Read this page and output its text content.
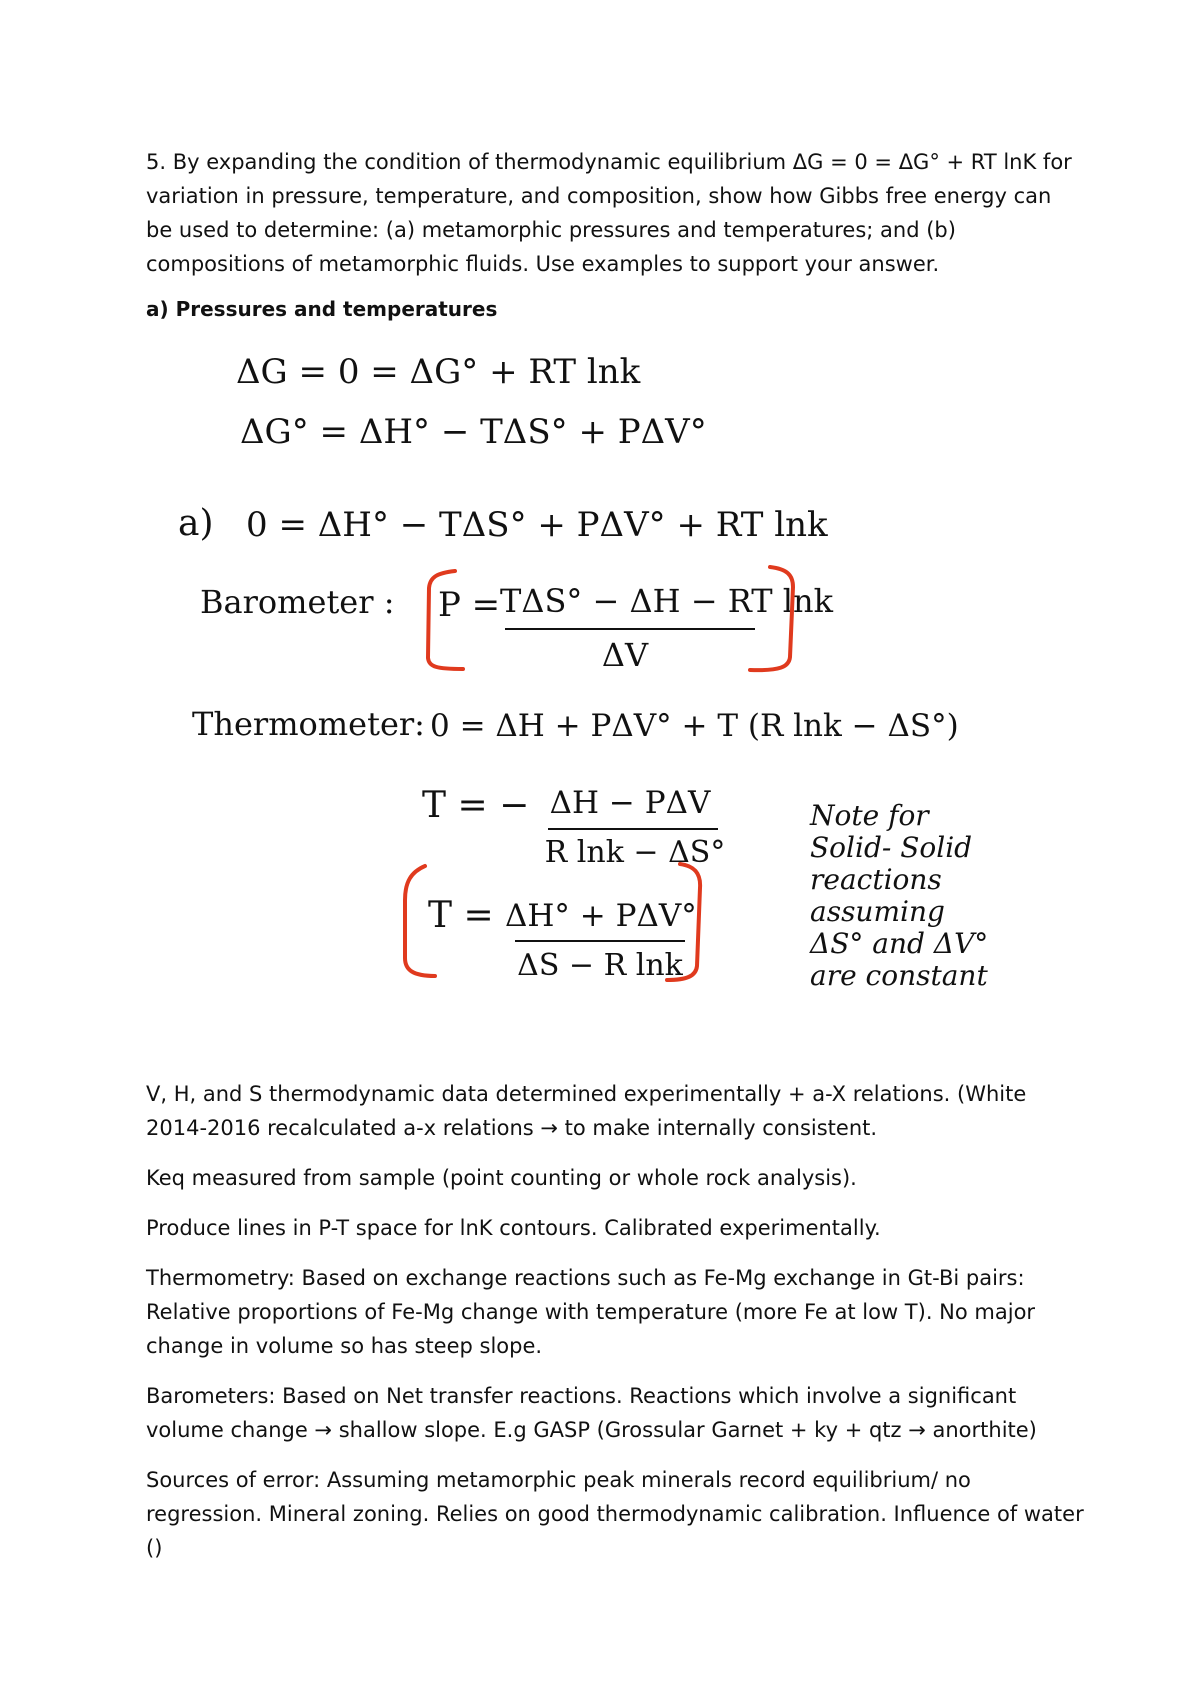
5. By expanding the condition of thermodynamic equilibrium ΔG = 0 = ΔG° + RT lnK for variation in pressure, temperature, and composition, show how Gibbs free energy can be used to determine: (a) metamorphic pressures and temperatures; and (b) compositions of metamorphic fluids. Use examples to support your answer.
a) Pressures and temperatures
ΔG = 0 = ΔG° + RT lnk
ΔG° = ΔH° − TΔS° + PΔV°
a) 0 = ΔH° − TΔS° + PΔV° + RT lnk
Barometer : P = TΔS° − ΔH − RT lnk
ΔV
Thermometer: 0 = ΔH + PΔV° + T (R lnk − ΔS°)
T = − ΔH − PΔV
R lnk − ΔS°
T = ΔH° + PΔV°
ΔS − R lnk
Note for
Solid- Solid
reactions
assuming
ΔS° and ΔV°
are constant

V, H, and S thermodynamic data determined experimentally + a-X relations. (White 2014-2016 recalculated a-x relations → to make internally consistent.

Keq measured from sample (point counting or whole rock analysis).

Produce lines in P-T space for lnK contours. Calibrated experimentally.

Thermometry: Based on exchange reactions such as Fe-Mg exchange in Gt-Bi pairs: Relative proportions of Fe-Mg change with temperature (more Fe at low T). No major change in volume so has steep slope.

Barometers: Based on Net transfer reactions. Reactions which involve a significant volume change → shallow slope. E.g GASP (Grossular Garnet + ky + qtz → anorthite)

Sources of error: Assuming metamorphic peak minerals record equilibrium/ no regression. Mineral zoning. Relies on good thermodynamic calibration. Influence of water ()
